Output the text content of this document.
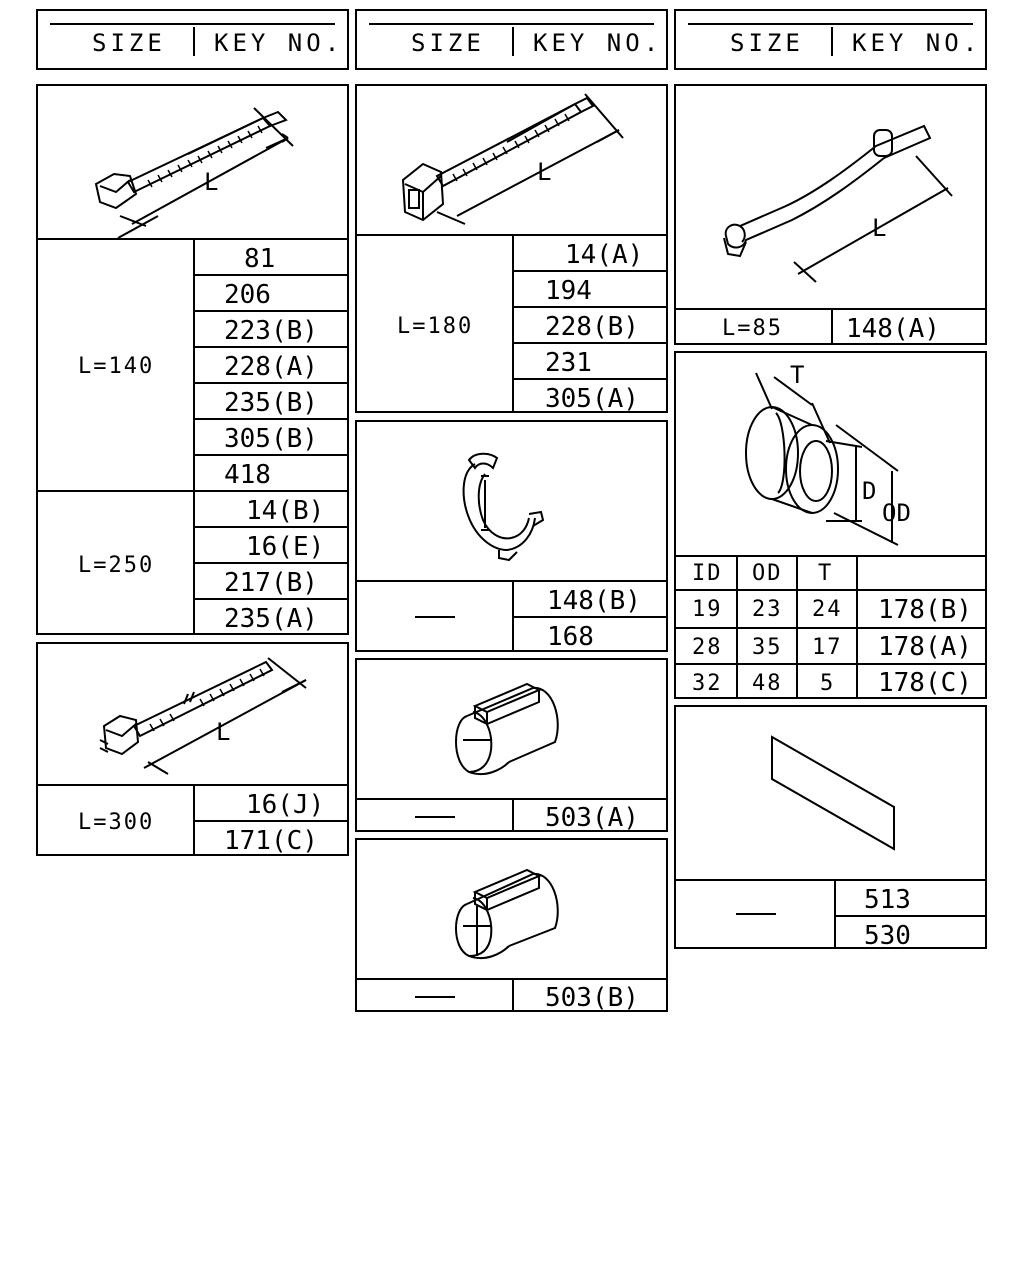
SIZE KEY NO.	SIZE KEY NO.	SIZE KEY NO.
L
L=140
L=250
81
206
223(B)
228(A)
235(B)
305(B)
418
14(B)
16(E)
217(B)
235(A)
L
L=300
16(J)
171(C)
L
L=180
14(A)
194
228(B)
231
305(A)
148(B)
168
503(A)
503(B)
L
L=85 148(A)
T
D
OD
ID OD T
19 23 24 178(B)
28 35 17 178(A)
32 48 5 178(C)
513
530
